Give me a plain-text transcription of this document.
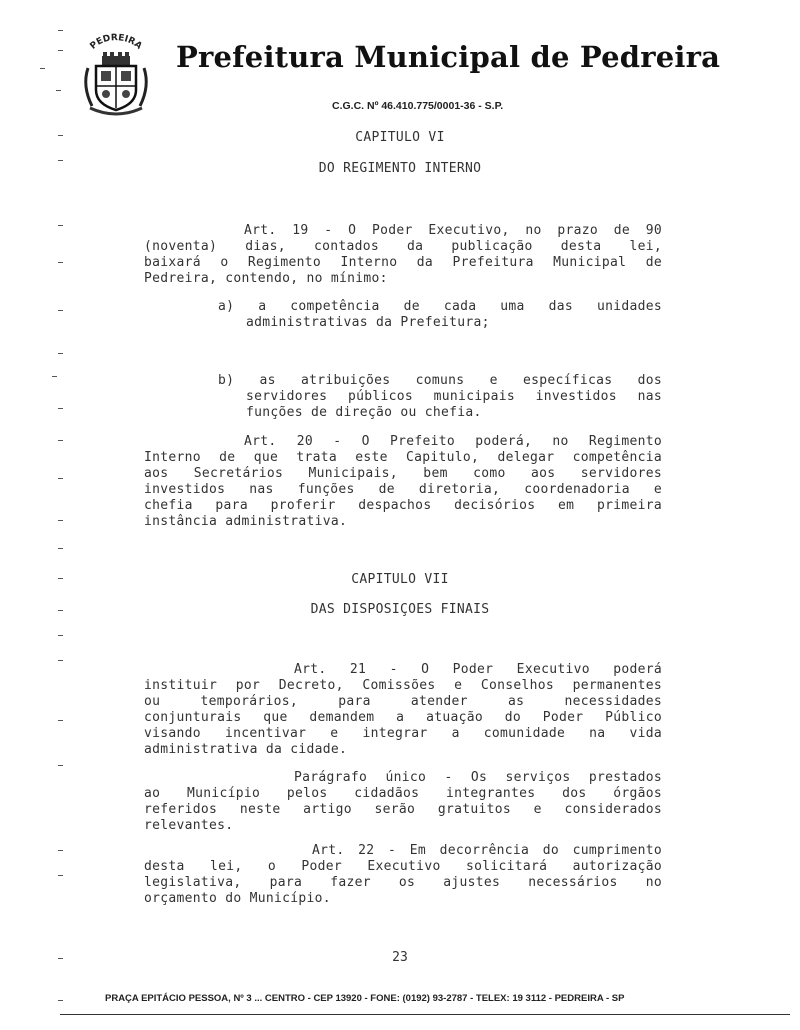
PEDREIRA Prefeitura Municipal de Pedreira
C.G.C. Nº 46.410.775/0001-36 - S.P.
CAPITULO VI
DO REGIMENTO INTERNO
Art. 19 - O Poder Executivo, no prazo de 90
(noventa) dias, contados da publicação desta lei,
baixará o Regimento Interno da Prefeitura Municipal de
Pedreira, contendo, no mínimo:
a) a competência de cada uma das unidades
administrativas da Prefeitura;
b) as atribuições comuns e específicas dos
servidores públicos municipais investidos nas
funções de direção ou chefia.
Art. 20 - O Prefeito poderá, no Regimento
Interno de que trata este Capitulo, delegar competência
aos Secretários Municipais, bem como aos servidores
investidos nas funções de diretoria, coordenadoria e
chefia para proferir despachos decisórios em primeira
instância administrativa.
CAPITULO VII
DAS DISPOSIÇOES FINAIS
Art. 21 - O Poder Executivo poderá
instituir por Decreto, Comissões e Conselhos permanentes
ou temporários, para atender as necessidades
conjunturais que demandem a atuação do Poder Público
visando incentivar e integrar a comunidade na vida
administrativa da cidade.
Parágrafo único - Os serviços prestados
ao Município pelos cidadãos integrantes dos órgãos
referidos neste artigo serão gratuitos e considerados
relevantes.
Art. 22 - Em decorrência do cumprimento
desta lei, o Poder Executivo solicitará autorização
legislativa, para fazer os ajustes necessários no
orçamento do Município.
23
PRAÇA EPITÁCIO PESSOA, Nº 3 ... CENTRO - CEP 13920 - FONE: (0192) 93-2787 - TELEX: 19 3112 - PEDREIRA - SP
